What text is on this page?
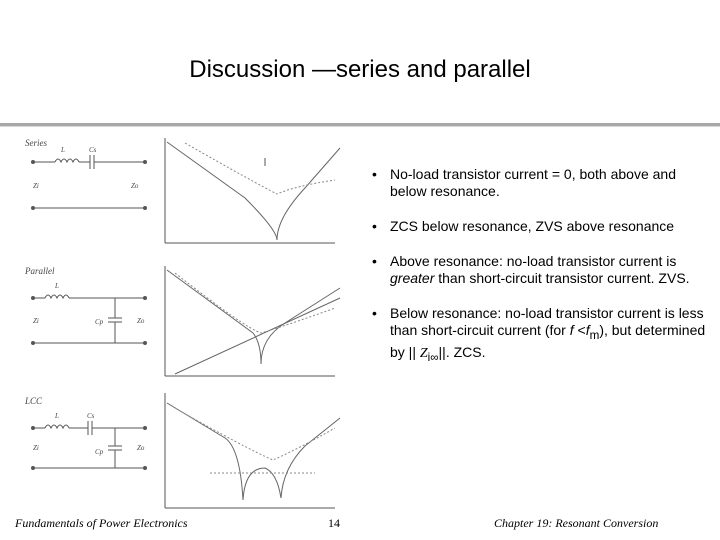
Discussion —series and parallel
Series
L	Cs
Zi	Zo
Parallel
L
Cp
Zi	Zo
LCC
L	Cs
Cp
Zi	Zo
• No-load transistor current = 0, both above and below resonance.
• ZCS below resonance, ZVS above resonance
• Above resonance: no-load transistor current is greater than short-circuit transistor current. ZVS.
• Below resonance: no-load transistor current is less than short-circuit current (for $f <f_m$), but determined by || $Z_{i\infty}||$. ZCS.
Fundamentals of Power Electronics	14	Chapter 19: Resonant Conversion
